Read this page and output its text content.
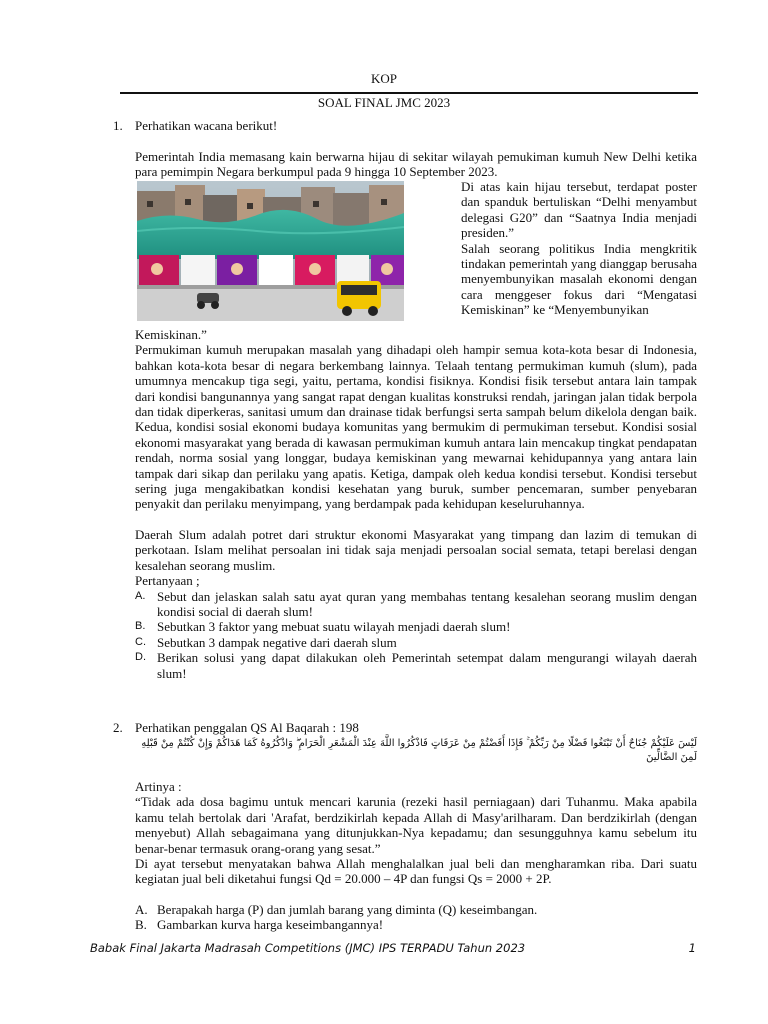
KOP
SOAL FINAL JMC 2023
1. Perhatikan wacana berikut!

Pemerintah India memasang kain berwarna hijau di sekitar wilayah pemukiman kumuh New Delhi ketika para pemimpin Negara berkumpul pada 9 hingga 10 September 2023.

Di atas kain hijau tersebut, terdapat poster dan spanduk bertuliskan “Delhi menyambut delegasi G20” dan “Saatnya India menjadi presiden.”

Salah seorang politikus India mengkritik tindakan pemerintah yang dianggap berusaha menyembunyikan masalah ekonomi dengan cara menggeser fokus dari “Mengatasi Kemiskinan” ke “Menyembunyikan

Kemiskinan.”

Permukiman kumuh merupakan masalah yang dihadapi oleh hampir semua kota-kota besar di Indonesia, bahkan kota-kota besar di negara berkembang lainnya. Telaah tentang permukiman kumuh (slum), pada umumnya mencakup tiga segi, yaitu, pertama, kondisi fisiknya. Kondisi fisik tersebut antara lain tampak dari kondisi bangunannya yang sangat rapat dengan kualitas konstruksi rendah, jaringan jalan tidak berpola dan tidak diperkeras, sanitasi umum dan drainase tidak berfungsi serta sampah belum dikelola dengan baik. Kedua, kondisi sosial ekonomi budaya komunitas yang bermukim di permukiman tersebut. Kondisi sosial ekonomi masyarakat yang berada di kawasan permukiman kumuh antara lain mencakup tingkat pendapatan rendah, norma sosial yang longgar, budaya kemiskinan yang mewarnai kehidupannya yang antara lain tampak dari sikap dan perilaku yang apatis. Ketiga, dampak oleh kedua kondisi tersebut. Kondisi tersebut sering juga mengakibatkan kondisi kesehatan yang buruk, sumber pencemaran, sumber penyebaran penyakit dan perilaku menyimpang, yang berdampak pada kehidupan keseluruhannya.

Daerah Slum adalah potret dari struktur ekonomi Masyarakat yang timpang dan lazim di temukan di perkotaan. Islam melihat persoalan ini tidak saja menjadi persoalan social semata, tetapi berelasi dengan kesalehan seorang muslim.

Pertanyaan ;

A. Sebut dan jelaskan salah satu ayat quran yang membahas tentang kesalehan seorang muslim dengan kondisi social di daerah slum!
B. Sebutkan 3 faktor yang mebuat suatu wilayah menjadi daerah slum!
C. Sebutkan 3 dampak negative dari daerah slum
D. Berikan solusi yang dapat dilakukan oleh Pemerintah setempat dalam mengurangi wilayah daerah slum!
2. Perhatikan penggalan QS Al Baqarah : 198

لَيْسَ عَلَيْكُمْ جُنَاحٌ أَنْ تَبْتَغُوا فَضْلًا مِنْ رَبِّكُمْ ۚ فَإِذَا أَفَضْتُمْ مِنْ عَرَفَاتٍ فَاذْكُرُوا اللَّهَ عِنْدَ الْمَشْعَرِ الْحَرَامِ ۖ وَاذْكُرُوهُ كَمَا هَدَاكُمْ وَإِنْ كُنْتُمْ مِنْ قَبْلِهِ لَمِنَ الضَّالِّينَ

Artinya :

“Tidak ada dosa bagimu untuk mencari karunia (rezeki hasil perniagaan) dari Tuhanmu. Maka apabila kamu telah bertolak dari 'Arafat, berdzikirlah kepada Allah di Masy'arilharam. Dan berdzikirlah (dengan menyebut) Allah sebagaimana yang ditunjukkan-Nya kepadamu; dan sesungguhnya kamu sebelum itu benar-benar termasuk orang-orang yang sesat.”

Di ayat tersebut menyatakan bahwa Allah menghalalkan jual beli dan mengharamkan riba. Dari suatu kegiatan jual beli diketahui fungsi Qd = 20.000 – 4P dan fungsi Qs = 2000 + 2P.

A. Berapakah harga (P) dan jumlah barang yang diminta (Q) keseimbangan.
B. Gambarkan kurva harga keseimbangannya!
Babak Final Jakarta Madrasah Competitions (JMC) IPS TERPADU Tahun 2023	1
